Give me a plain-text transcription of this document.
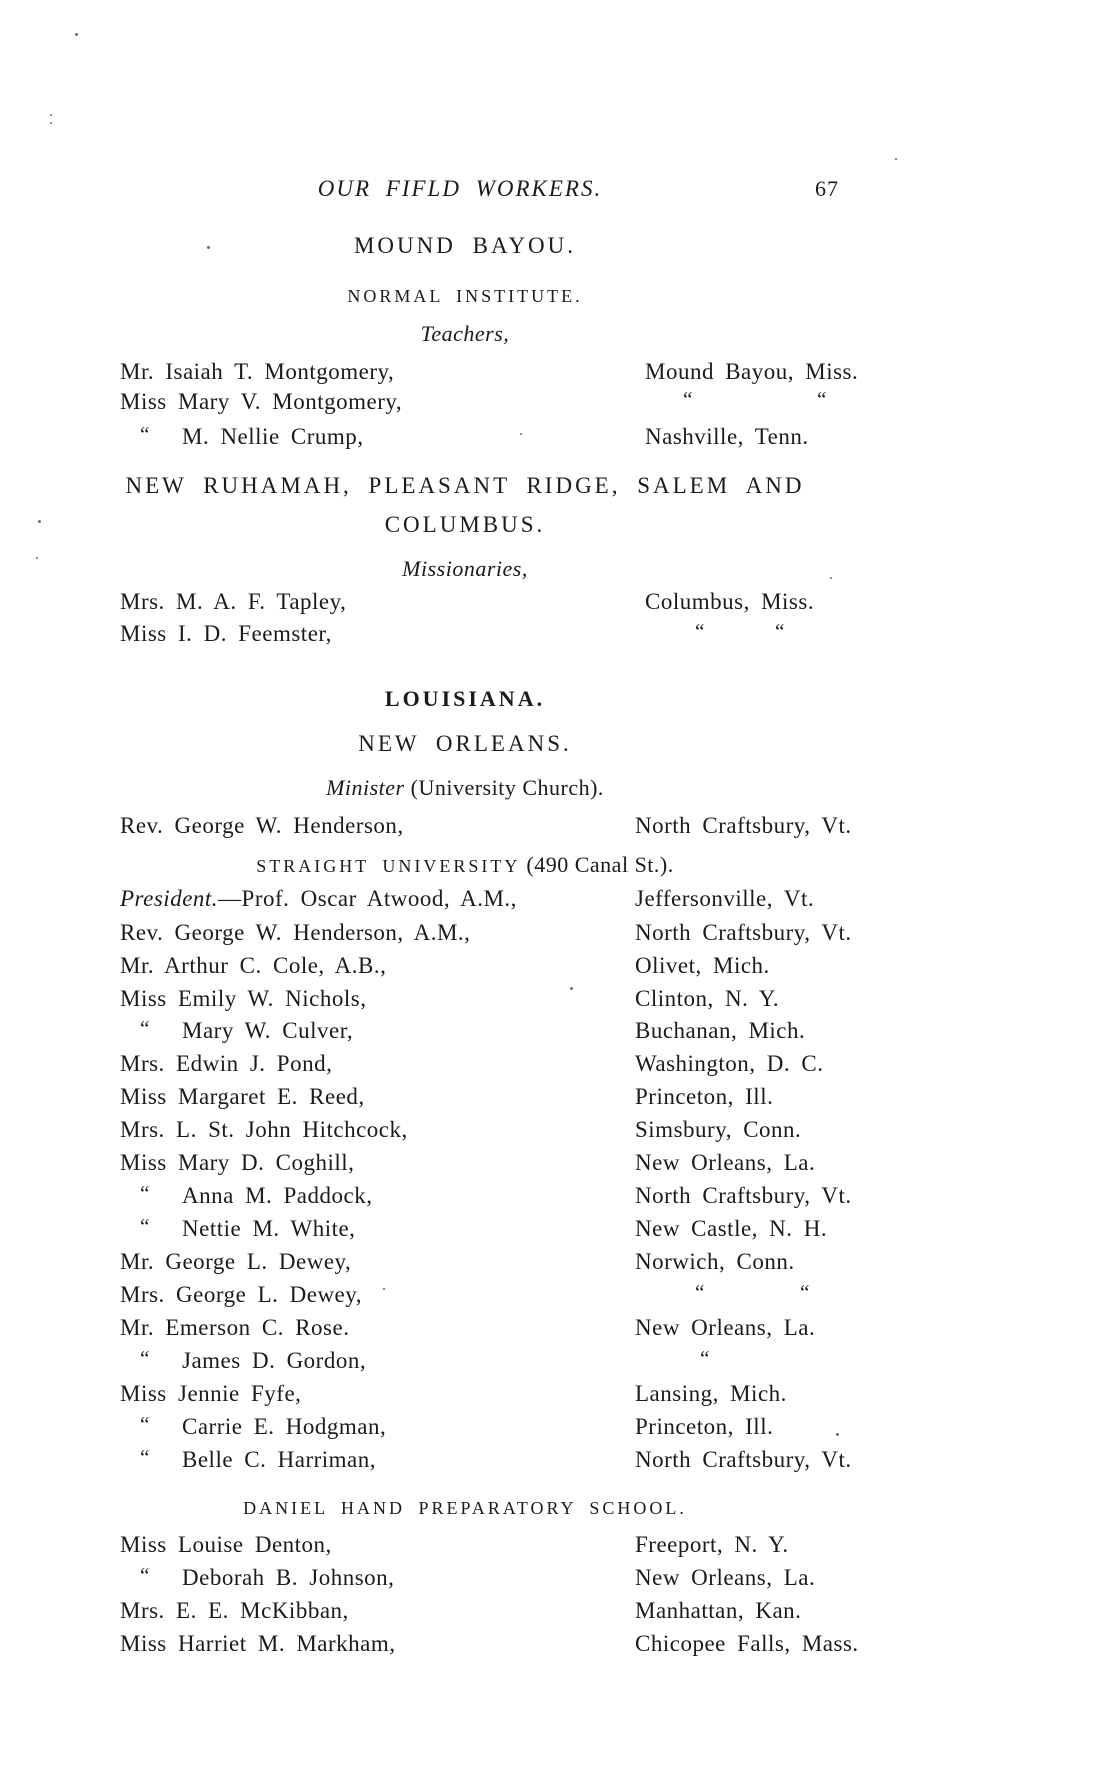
OUR FIFLD WORKERS.	67
MOUND BAYOU.
NORMAL INSTITUTE.
Teachers,
Mr. Isaiah T. Montgomery,	Mound Bayou, Miss.
Miss Mary V. Montgomery,	“	“
“ M. Nellie Crump,	Nashville, Tenn.
NEW RUHAMAH, PLEASANT RIDGE, SALEM AND
COLUMBUS.
Missionaries,
Mrs. M. A. F. Tapley,	Columbus, Miss.
Miss I. D. Feemster,	“	“
LOUISIANA.
NEW ORLEANS.
Minister (University Church).
Rev. George W. Henderson,	North Craftsbury, Vt.
STRAIGHT UNIVERSITY (490 Canal St.).
President.—Prof. Oscar Atwood, A.M.,	Jeffersonville, Vt.
Rev. George W. Henderson, A.M.,	North Craftsbury, Vt.
Mr. Arthur C. Cole, A.B.,	Olivet, Mich.
Miss Emily W. Nichols,	Clinton, N. Y.
“ Mary W. Culver,	Buchanan, Mich.
Mrs. Edwin J. Pond,	Washington, D. C.
Miss Margaret E. Reed,	Princeton, Ill.
Mrs. L. St. John Hitchcock,	Simsbury, Conn.
Miss Mary D. Coghill,	New Orleans, La.
“ Anna M. Paddock,	North Craftsbury, Vt.
“ Nettie M. White,	New Castle, N. H.
Mr. George L. Dewey,	Norwich, Conn.
Mrs. George L. Dewey,	“	“
Mr. Emerson C. Rose.	New Orleans, La.
“ James D. Gordon,	“
Miss Jennie Fyfe,	Lansing, Mich.
“ Carrie E. Hodgman,	Princeton, Ill.
“ Belle C. Harriman,	North Craftsbury, Vt.
DANIEL HAND PREPARATORY SCHOOL.
Miss Louise Denton,	Freeport, N. Y.
“ Deborah B. Johnson,	New Orleans, La.
Mrs. E. E. McKibban,	Manhattan, Kan.
Miss Harriet M. Markham,	Chicopee Falls, Mass.
